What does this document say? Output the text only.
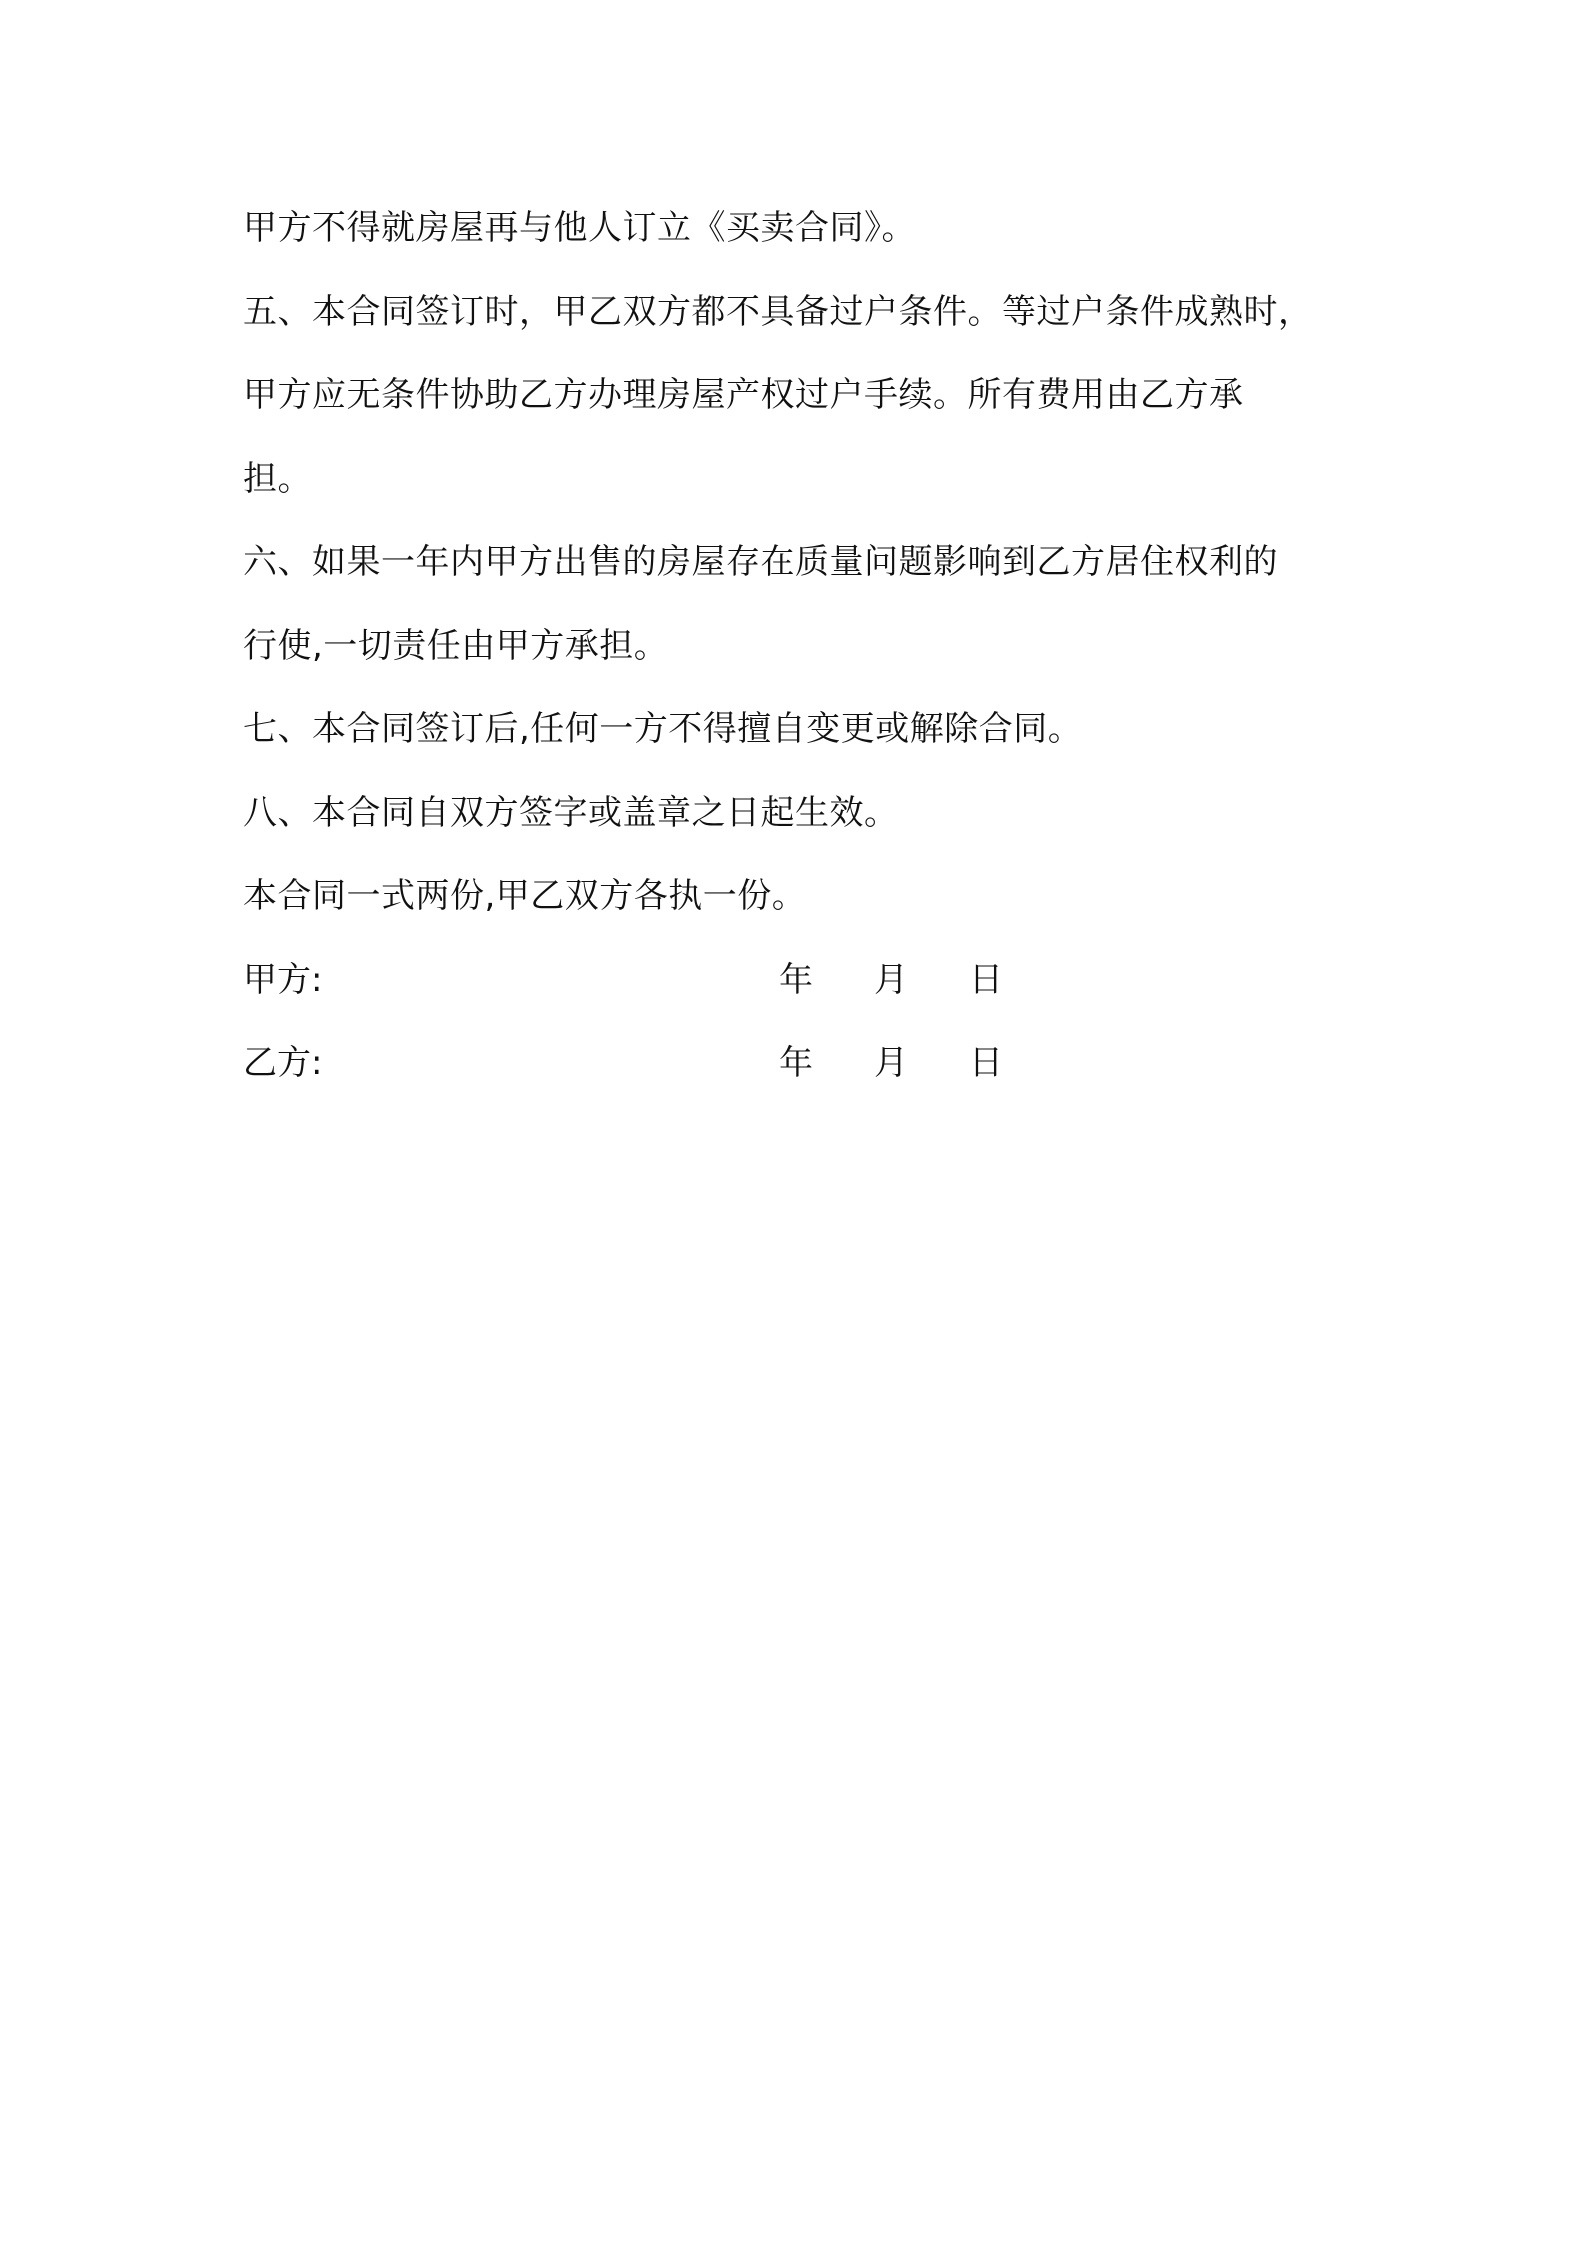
甲方不得就房屋再与他人订立《买卖合同》。
五、本合同签订时，甲乙双方都不具备过户条件。等过户条件成熟时，
甲方应无条件协助乙方办理房屋产权过户手续。所有费用由乙方承
担。
六、如果一年内甲方出售的房屋存在质量问题影响到乙方居住权利的
行使,一切责任由甲方承担。
七、本合同签订后,任何一方不得擅自变更或解除合同。
八、本合同自双方签字或盖章之日起生效。
本合同一式两份,甲乙双方各执一份。
甲方:	年 月 日
乙方:	年 月 日
